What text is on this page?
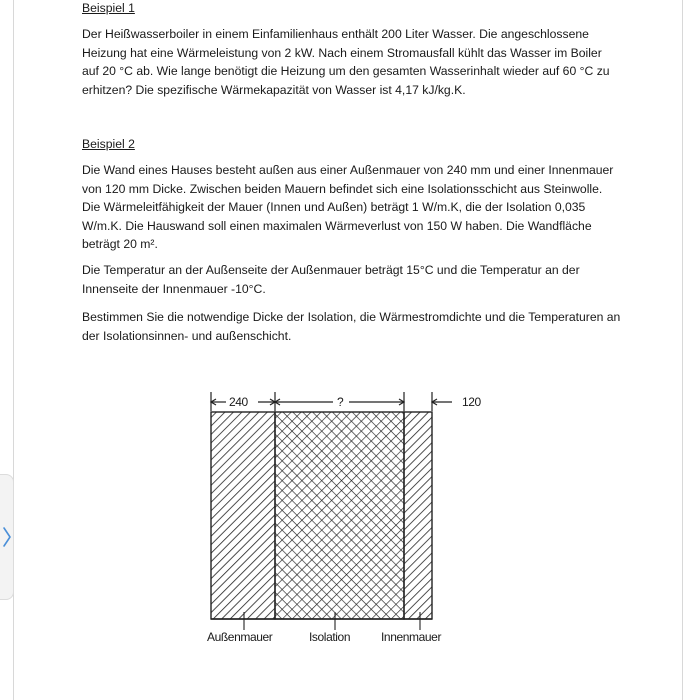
Beispiel 1

Der Heißwasserboiler in einem Einfamilienhaus enthält 200 Liter Wasser. Die angeschlossene Heizung hat eine Wärmeleistung von 2 kW. Nach einem Stromausfall kühlt das Wasser im Boiler auf 20 °C ab. Wie lange benötigt die Heizung um den gesamten Wasserinhalt wieder auf 60 °C zu erhitzen? Die spezifische Wärmekapazität von Wasser ist 4,17 kJ/kg.K.

Beispiel 2

Die Wand eines Hauses besteht außen aus einer Außenmauer von 240 mm und einer Innenmauer von 120 mm Dicke. Zwischen beiden Mauern befindet sich eine Isolationsschicht aus Steinwolle. Die Wärmeleitfähigkeit der Mauer (Innen und Außen) beträgt 1 W/m.K, die der Isolation 0,035 W/m.K. Die Hauswand soll einen maximalen Wärmeverlust von 150 W haben. Die Wandfläche beträgt 20 m².

Die Temperatur an der Außenseite der Außenmauer beträgt 15°C und die Temperatur an der Innenseite der Innenmauer -10°C.

Bestimmen Sie die notwendige Dicke der Isolation, die Wärmestromdichte und die Temperaturen an der Isolationsinnen- und außenschicht.

240	?	120
Außenmauer	Isolation	Innenmauer
